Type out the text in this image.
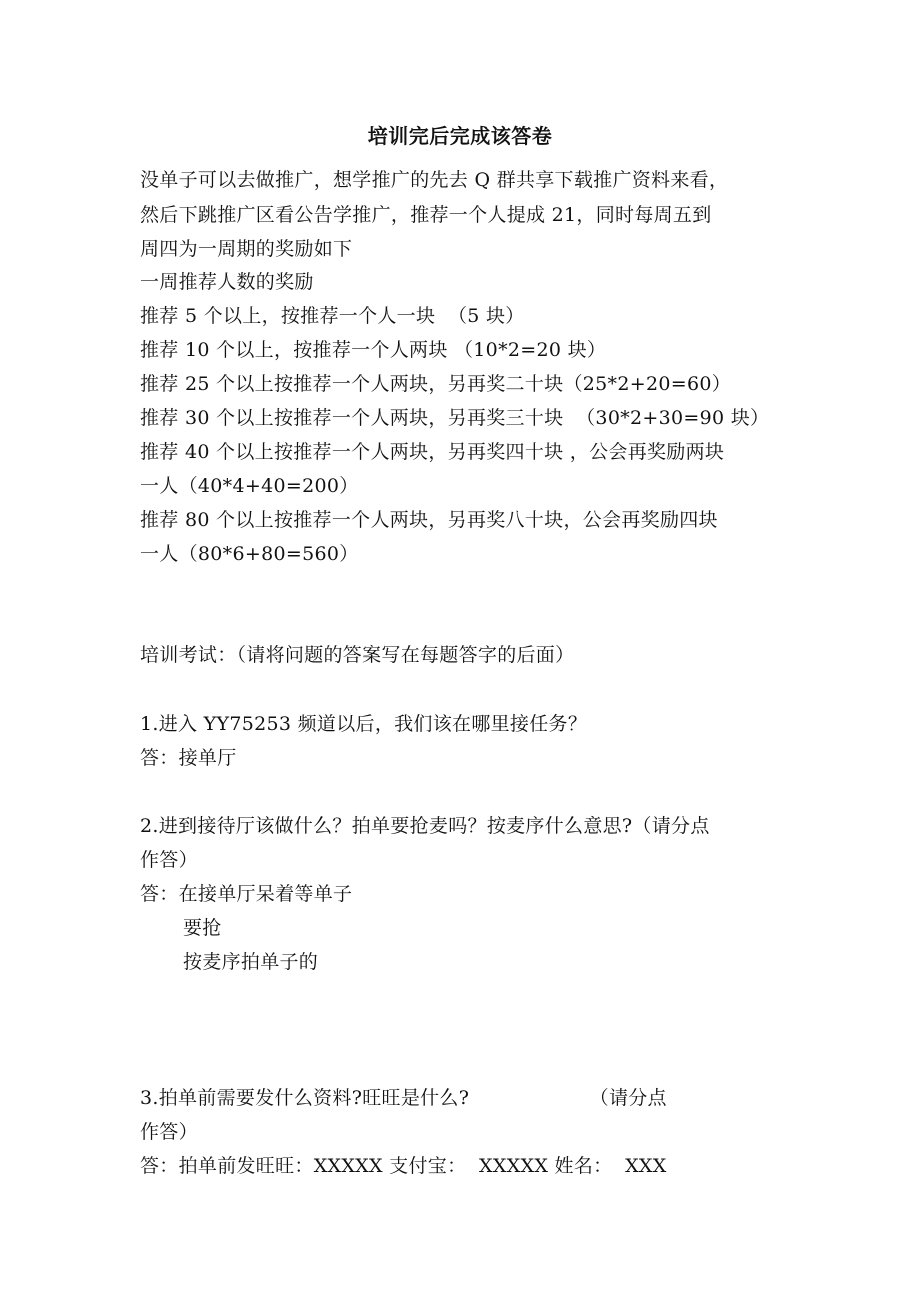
培训完后完成该答卷
没单子可以去做推广，想学推广的先去 Q 群共享下载推广资料来看，
然后下跳推广区看公告学推广，推荐一个人提成 21，同时每周五到
周四为一周期的奖励如下
一周推荐人数的奖励
推荐 5 个以上，按推荐一个人一块  （5 块）
推荐 10 个以上，按推荐一个人两块 （10*2=20 块）
推荐 25 个以上按推荐一个人两块，另再奖二十块（25*2+20=60）
推荐 30 个以上按推荐一个人两块，另再奖三十块  （30*2+30=90 块）
推荐 40 个以上按推荐一个人两块，另再奖四十块 ，公会再奖励两块
一人（40*4+40=200）
推荐 80 个以上按推荐一个人两块，另再奖八十块，公会再奖励四块
一人（80*6+80=560）
培训考试：（请将问题的答案写在每题答字的后面）
1.进入 YY75253 频道以后，我们该在哪里接任务？
答：接单厅
2.进到接待厅该做什么？拍单要抢麦吗？按麦序什么意思?（请分点
作答）
答：在接单厅呆着等单子
要抢
按麦序拍单子的
3.拍单前需要发什么资料?旺旺是什么?                   （请分点
作答）
答：拍单前发旺旺：XXXXX 支付宝：  XXXXX 姓名：  XXX
